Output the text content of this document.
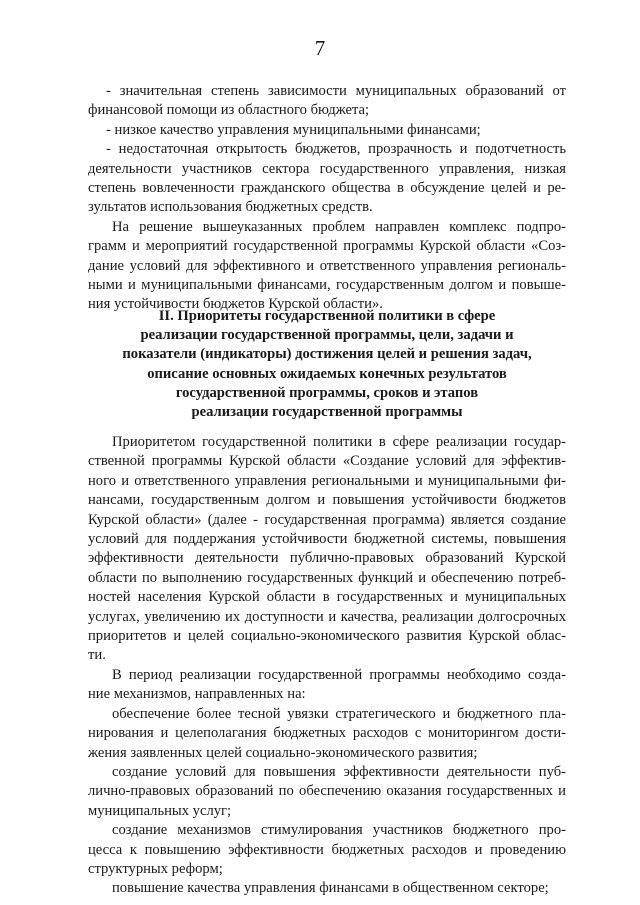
7
- значительная степень зависимости муниципальных образований от
финансовой помощи из областного бюджета;
- низкое качество управления муниципальными финансами;
- недостаточная открытость бюджетов, прозрачность и подотчетность
деятельности участников сектора государственного управления, низкая
степень вовлеченности гражданского общества в обсуждение целей и ре-
зультатов использования бюджетных средств.
На решение вышеуказанных проблем направлен комплекс подпро-
грамм и мероприятий государственной программы Курской области «Соз-
дание условий для эффективного и ответственного управления региональ-
ными и муниципальными финансами, государственным долгом и повыше-
ния устойчивости бюджетов Курской области».
II. Приоритеты государственной политики в сфере
реализации государственной программы, цели, задачи и
показатели (индикаторы) достижения целей и решения задач,
описание основных ожидаемых конечных результатов
государственной программы, сроков и этапов
реализации государственной программы
Приоритетом государственной политики в сфере реализации государ-
ственной программы Курской области «Создание условий для эффектив-
ного и ответственного управления региональными и муниципальными фи-
нансами, государственным долгом и повышения устойчивости бюджетов
Курской области» (далее - государственная программа) является создание
условий для поддержания устойчивости бюджетной системы, повышения
эффективности деятельности публично-правовых образований Курской
области по выполнению государственных функций и обеспечению потреб-
ностей населения Курской области в государственных и муниципальных
услугах, увеличению их доступности и качества, реализации долгосрочных
приоритетов и целей социально-экономического развития Курской облас-
ти.
В период реализации государственной программы необходимо созда-
ние механизмов, направленных на:
обеспечение более тесной увязки стратегического и бюджетного пла-
нирования и целеполагания бюджетных расходов с мониторингом дости-
жения заявленных целей социально-экономического развития;
создание условий для повышения эффективности деятельности пуб-
лично-правовых образований по обеспечению оказания государственных и
муниципальных услуг;
создание механизмов стимулирования участников бюджетного про-
цесса к повышению эффективности бюджетных расходов и проведению
структурных реформ;
повышение качества управления финансами в общественном секторе;
